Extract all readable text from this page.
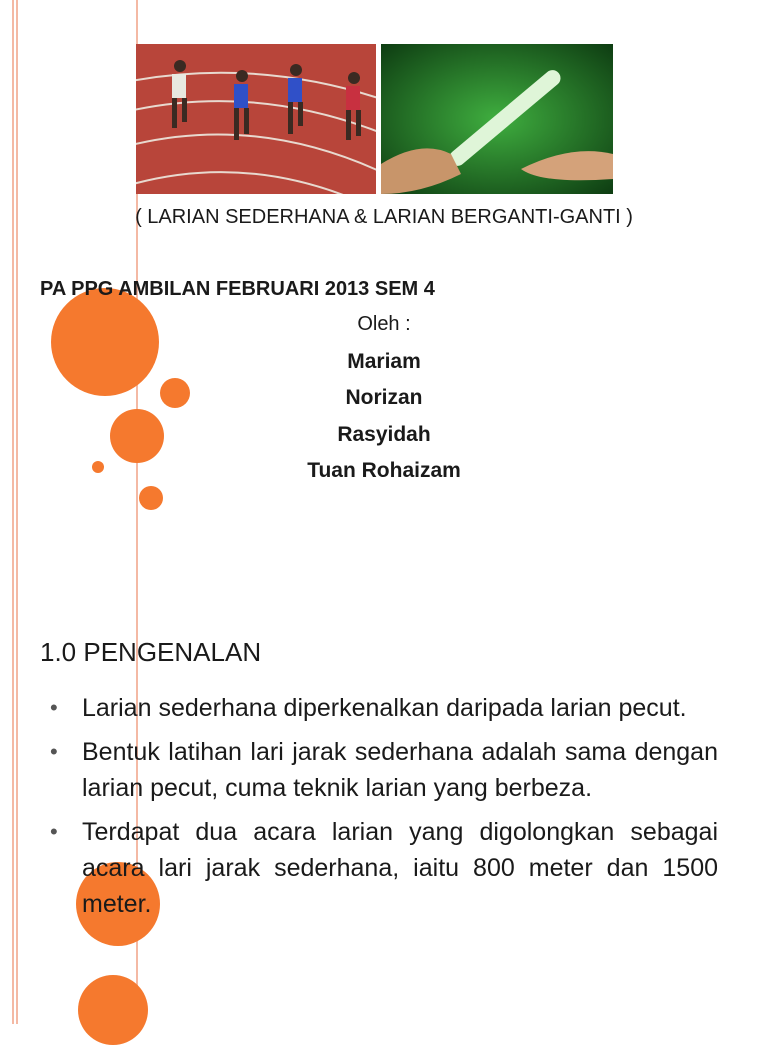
( LARIAN SEDERHANA & LARIAN BERGANTI-GANTI )
PA PPG AMBILAN FEBRUARI 2013 SEM 4
Oleh :
Mariam
Norizan
Rasyidah
Tuan Rohaizam
1.0 PENGENALAN
• Larian sederhana diperkenalkan daripada larian pecut.
• Bentuk latihan lari jarak sederhana adalah sama dengan larian pecut, cuma teknik larian yang berbeza.
• Terdapat dua acara larian yang digolongkan sebagai acara lari jarak sederhana, iaitu 800 meter dan 1500 meter.
